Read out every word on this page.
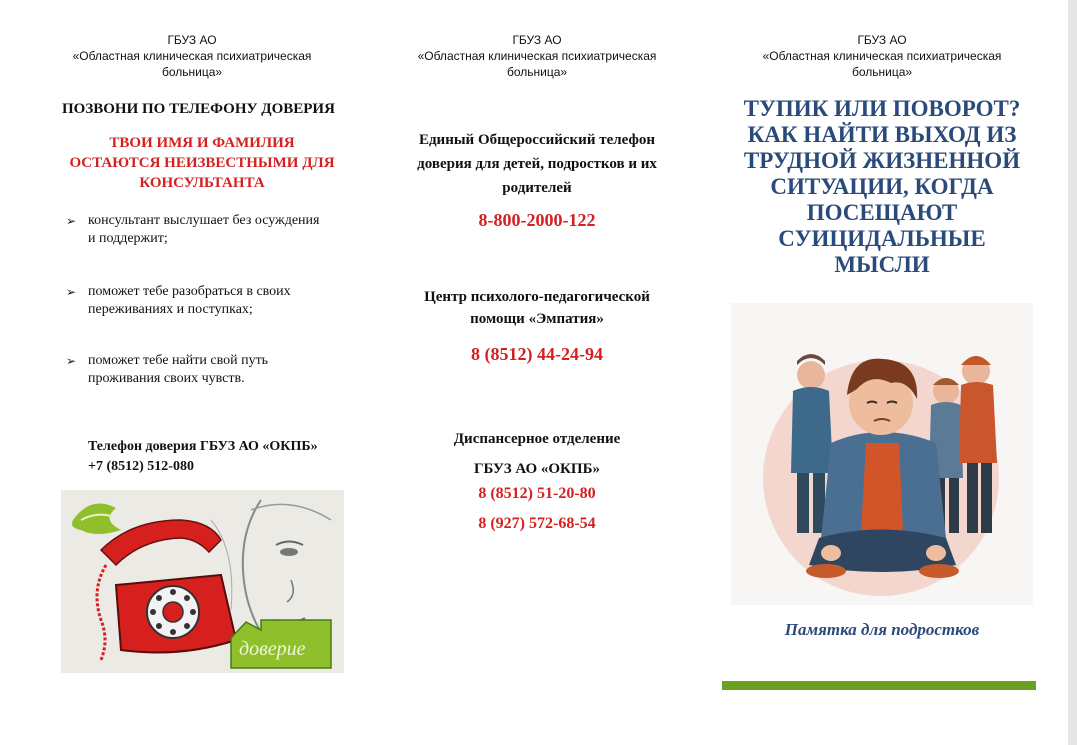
ГБУЗ АО
«Областная клиническая психиатрическая
больница»
ПОЗВОНИ ПО ТЕЛЕФОНУ ДОВЕРИЯ
ТВОИ ИМЯ И ФАМИЛИЯ
ОСТАЮТСЯ НЕИЗВЕСТНЫМИ ДЛЯ
КОНСУЛЬТАНТА
➢ консультант выслушает без осуждения
и поддержит;
➢ поможет тебе разобраться в своих
переживаниях и поступках;
➢ поможет тебе найти свой путь
проживания своих чувств.
Телефон доверия ГБУЗ АО «ОКПБ»
+7 (8512) 512-080
доверие
ГБУЗ АО
«Областная клиническая психиатрическая
больница»
Единый Общероссийский телефон
доверия для детей, подростков и их
родителей
8-800-2000-122
Центр психолого-педагогической
помощи «Эмпатия»
8 (8512) 44-24-94
Диспансерное отделение
ГБУЗ АО «ОКПБ»
8 (8512) 51-20-80
8 (927) 572-68-54
ГБУЗ АО
«Областная клиническая психиатрическая
больница»
ТУПИК ИЛИ ПОВОРОТ?
КАК НАЙТИ ВЫХОД ИЗ
ТРУДНОЙ ЖИЗНЕННОЙ
СИТУАЦИИ, КОГДА
ПОСЕЩАЮТ
СУИЦИДАЛЬНЫЕ
МЫСЛИ
Памятка для подростков
